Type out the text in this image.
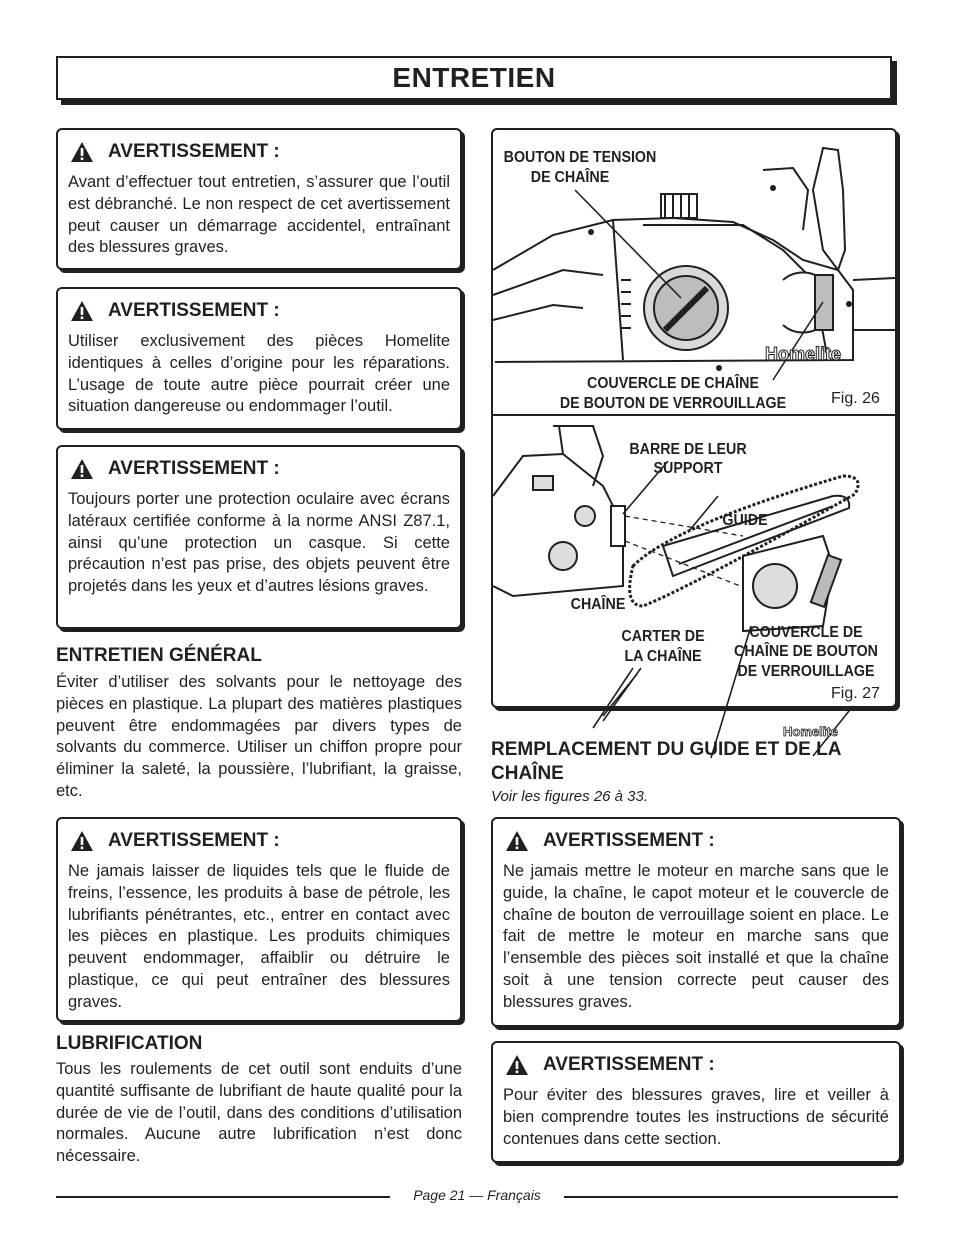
ENTRETIEN
AVERTISSEMENT :

Avant d’effectuer tout entretien, s’assurer que l’outil est débranché. Le non respect de cet avertissement peut causer un démarrage accidentel, entraînant des blessures graves.

AVERTISSEMENT :

Utiliser exclusivement des pièces Homelite identiques à celles d’origine pour les réparations. L’usage de toute autre pièce pourrait créer une situation dangereuse ou endommager l’outil.

AVERTISSEMENT :

Toujours porter une protection oculaire avec écrans latéraux certifiée conforme à la norme ANSI Z87.1, ainsi qu’une protection un casque. Si cette précaution n’est pas prise, des objets peuvent être projetés dans les yeux et d’autres lésions graves.

ENTRETIEN GÉNÉRAL

Éviter d’utiliser des solvants pour le nettoyage des pièces en plastique. La plupart des matières plastiques peuvent être endommagées par divers types de solvants du commerce. Utiliser un chiffon propre pour éliminer la saleté, la poussière, l’lubrifiant, la graisse, etc.

AVERTISSEMENT :

Ne jamais laisser de liquides tels que le fluide de freins, l’essence, les produits à base de pétrole, les lubrifiants pénétrantes, etc., entrer en contact avec les pièces en plastique. Les produits chimiques peuvent endommager, affaiblir ou détruire le plastique, ce qui peut entraîner des blessures graves.

LUBRIFICATION

Tous les roulements de cet outil sont enduits d’une quantité suffisante de lubrifiant de haute qualité pour la durée de vie de l’outil, dans des conditions d’utilisation normales. Aucune autre lubrification n’est donc nécessaire.

Homelite
BOUTON DE TENSION
DE CHAÎNE
COUVERCLE DE CHAÎNE
DE BOUTON DE VERROUILLAGE	Fig. 26
Homelite
BARRE DE LEUR
SUPPORT
GUIDE
CHAÎNE
CARTER DE
LA CHAÎNE
COUVERCLE DE
CHAÎNE DE BOUTON
DE VERROUILLAGE
Fig. 27
REMPLACEMENT DU GUIDE ET DE LA CHAÎNE
Voir les figures 26 à 33.
AVERTISSEMENT :

Ne jamais mettre le moteur en marche sans que le guide, la chaîne, le capot moteur et le couvercle de chaîne de bouton de verrouillage soient en place. Le fait de mettre le moteur en marche sans que l’ensemble des pièces soit installé et que la chaîne soit à une tension correcte peut causer des blessures graves.

AVERTISSEMENT :

Pour éviter des blessures graves, lire et veiller à bien comprendre toutes les instructions de sécurité contenues dans cette section.

Page 21 — Français
